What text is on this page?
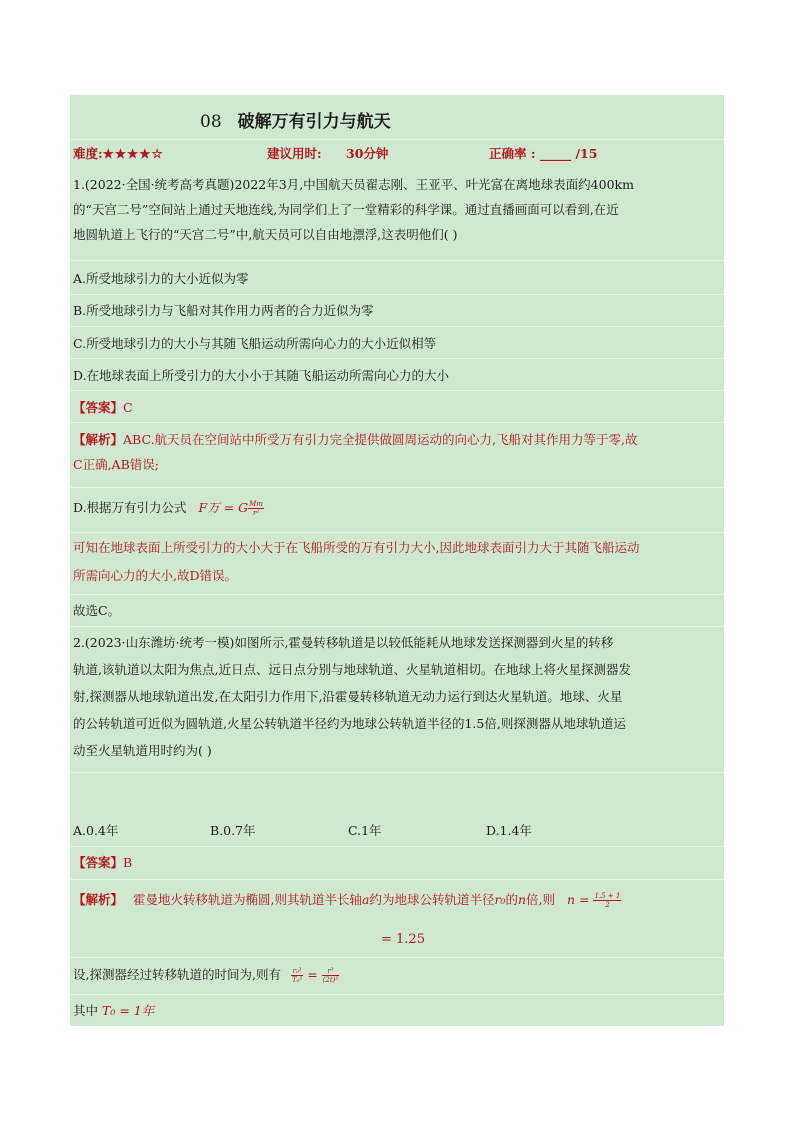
08 破解万有引力与航天
难度:★★★★☆	建议用时: 30分钟	正确率 : _____ /15
1.(2022·全国·统考高考真题)2022年3月,中国航天员翟志刚、王亚平、叶光富在离地球表面约400km
的“天宫二号”空间站上通过天地连线,为同学们上了一堂精彩的科学课。通过直播画面可以看到,在近
地圆轨道上飞行的“天宫二号”中,航天员可以自由地漂浮,这表明他们( )
A.所受地球引力的大小近似为零
B.所受地球引力与飞船对其作用力两者的合力近似为零
C.所受地球引力的大小与其随飞船运动所需向心力的大小近似相等
D.在地球表面上所受引力的大小小于其随飞船运动所需向心力的大小
【答案】C
【解析】ABC.航天员在空间站中所受万有引力完全提供做圆周运动的向心力,飞船对其作用力等于零,故
C正确,AB错误;
D.根据万有引力公式 F万 = G $\frac{Mm}{\text{r²}}$
可知在地球表面上所受引力的大小大于在飞船所受的万有引力大小,因此地球表面引力大于其随飞船运动
所需向心力的大小,故D错误。
故选C。
2.(2023·山东潍坊·统考一模)如图所示,霍曼转移轨道是以较低能耗从地球发送探测器到火星的转移
轨道,该轨道以太阳为焦点,近日点、远日点分别与地球轨道、火星轨道相切。在地球上将火星探测器发
射,探测器从地球轨道出发,在太阳引力作用下,沿霍曼转移轨道无动力运行到达火星轨道。地球、火星
的公转轨道可近似为圆轨道,火星公转轨道半径约为地球公转轨道半径的1.5倍,则探测器从地球轨道运
动至火星轨道用时约为( )
A.0.4年	B.0.7年	C.1年	D.1.4年
【答案】B
【解析】 霍曼地火转移轨道为椭圆,则其轨道半长轴a约为地球公转轨道半径r₀的n倍,则 $n = \frac{1.5 + 1}{2}$
= 1.25
设,探测器经过转移轨道的时间为,则有 $\frac{\text{r₀³}}{\text{T₀²}} = \frac{\text{r³}}{\text{(2t)²}}$
其中 T₀ = 1年
